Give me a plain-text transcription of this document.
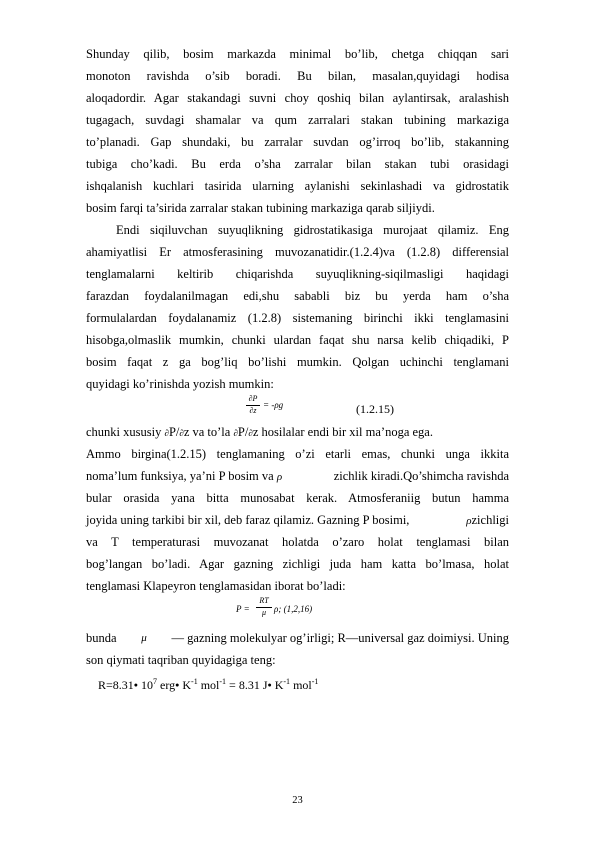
Shunday qilib, bosim markazda minimal bo’lib, chetga chiqqan sari
monoton ravishda o’sib boradi. Bu bilan, masalan,quyidagi hodisa
aloqadordir. Agar stakandagi suvni choy qoshiq bilan aylantirsak, aralashish
tugagach, suvdagi shamalar va qum zarralari stakan tubining markaziga
to’planadi. Gap shundaki, bu zarralar suvdan og’irroq bo’lib, stakanning
tubiga cho’kadi. Bu erda o’sha zarralar bilan stakan tubi orasidagi
ishqalanish kuchlari tasirida ularning aylanishi sekinlashadi va gidrostatik
bosim farqi ta’sirida zarralar stakan tubining markaziga qarab siljiydi.
Endi siqiluvchan suyuqlikning gidrostatikasiga murojaat qilamiz. Eng
ahamiyatlisi Er atmosferasining muvozanatidir.(1.2.4)va (1.2.8) differensial
tenglamalarni keltirib chiqarishda suyuqlikning-siqilmasligi haqidagi
farazdan foydalanilmagan edi,shu sababli biz bu yerda ham o’sha
formulalardan foydalanamiz (1.2.8) sistemaning birinchi ikki tenglamasini
hisobga,olmaslik mumkin, chunki ulardan faqat shu narsa kelib chiqadiki, P
bosim faqat z ga bog’liq bo’lishi mumkin. Qolgan uchinchi tenglamani
quyidagi ko’rinishda yozish mumkin:
∂P
∂z
= -ρg	(1.2.15)
chunki xususiy ∂P/∂z va to’la ∂P/∂z hosilalar endi bir xil ma’noga ega.
Ammo birgina(1.2.15) tenglamaning o’zi etarli emas, chunki unga ikkita
noma’lum funksiya, ya’ni P bosim va ρ	zichlik kiradi.Qo’shimcha ravishda
bular orasida yana bitta munosabat kerak. Atmosferaniig butun hamma
joyida uning tarkibi bir xil, deb faraz qilamiz. Gazning P bosimi,	ρzichligi
va T temperaturasi muvozanat holatda o’zaro holat tenglamasi bilan
bog’langan bo’ladi. Agar gazning zichligi juda ham katta bo’lmasa, holat
tenglamasi Klapeyron tenglamasidan iborat bo’ladi:
P =
RT
μ ρ; (1,2,16)
bunda μ — gazning molekulyar og’irligi; R—universal gaz doimiysi. Uning
son qiymati taqriban quyidagiga teng:
R=8.31● $10^7$ erg● $K^{-1}$ mol$^{-1}$ = 8.31 J● $K^{-1}$ mol$^{-1}$
23
